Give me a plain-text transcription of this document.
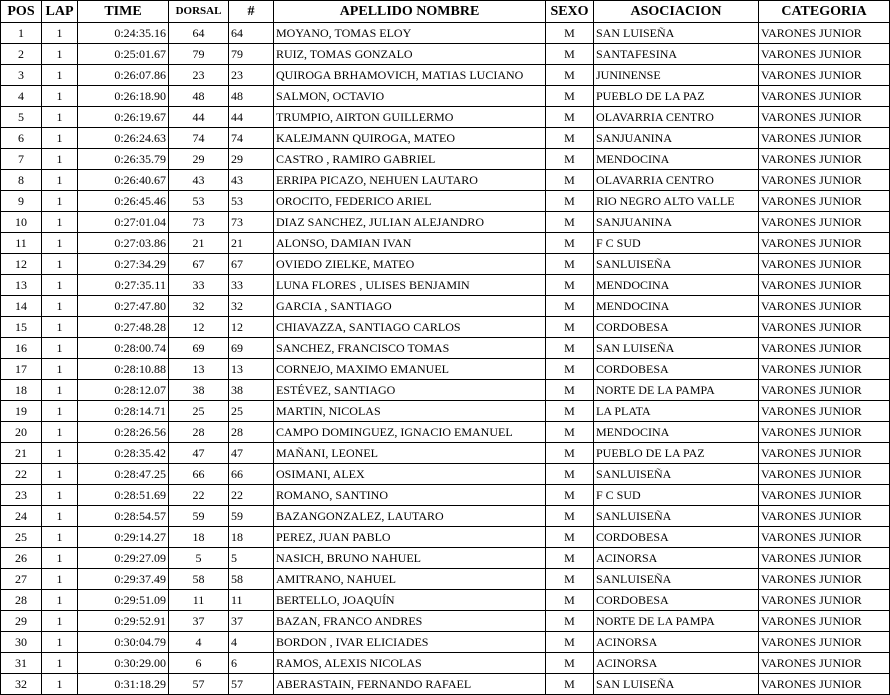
POS	LAP	TIME	DORSAL	#	APELLIDO NOMBRE	SEXO	ASOCIACION	CATEGORIA
1	1	0:24:35.16	64	64	MOYANO, TOMAS ELOY	M	SAN LUISEÑA	VARONES JUNIOR
2	1	0:25:01.67	79	79	RUIZ, TOMAS GONZALO	M	SANTAFESINA	VARONES JUNIOR
3	1	0:26:07.86	23	23	QUIROGA BRHAMOVICH, MATIAS LUCIANO	M	JUNINENSE	VARONES JUNIOR
4	1	0:26:18.90	48	48	SALMON, OCTAVIO	M	PUEBLO DE LA PAZ	VARONES JUNIOR
5	1	0:26:19.67	44	44	TRUMPIO, AIRTON GUILLERMO	M	OLAVARRIA CENTRO	VARONES JUNIOR
6	1	0:26:24.63	74	74	KALEJMANN QUIROGA, MATEO	M	SANJUANINA	VARONES JUNIOR
7	1	0:26:35.79	29	29	CASTRO , RAMIRO GABRIEL	M	MENDOCINA	VARONES JUNIOR
8	1	0:26:40.67	43	43	ERRIPA PICAZO, NEHUEN LAUTARO	M	OLAVARRIA CENTRO	VARONES JUNIOR
9	1	0:26:45.46	53	53	OROCITO, FEDERICO ARIEL	M	RIO NEGRO ALTO VALLE	VARONES JUNIOR
10	1	0:27:01.04	73	73	DIAZ SANCHEZ, JULIAN ALEJANDRO	M	SANJUANINA	VARONES JUNIOR
11	1	0:27:03.86	21	21	ALONSO, DAMIAN IVAN	M	F C SUD	VARONES JUNIOR
12	1	0:27:34.29	67	67	OVIEDO ZIELKE, MATEO	M	SANLUISEÑA	VARONES JUNIOR
13	1	0:27:35.11	33	33	LUNA FLORES , ULISES BENJAMIN	M	MENDOCINA	VARONES JUNIOR
14	1	0:27:47.80	32	32	GARCIA , SANTIAGO	M	MENDOCINA	VARONES JUNIOR
15	1	0:27:48.28	12	12	CHIAVAZZA, SANTIAGO CARLOS	M	CORDOBESA	VARONES JUNIOR
16	1	0:28:00.74	69	69	SANCHEZ, FRANCISCO TOMAS	M	SAN LUISEÑA	VARONES JUNIOR
17	1	0:28:10.88	13	13	CORNEJO, MAXIMO EMANUEL	M	CORDOBESA	VARONES JUNIOR
18	1	0:28:12.07	38	38	ESTÉVEZ, SANTIAGO	M	NORTE DE LA PAMPA	VARONES JUNIOR
19	1	0:28:14.71	25	25	MARTIN, NICOLAS	M	LA PLATA	VARONES JUNIOR
20	1	0:28:26.56	28	28	CAMPO DOMINGUEZ, IGNACIO EMANUEL	M	MENDOCINA	VARONES JUNIOR
21	1	0:28:35.42	47	47	MAÑANI, LEONEL	M	PUEBLO DE LA PAZ	VARONES JUNIOR
22	1	0:28:47.25	66	66	OSIMANI, ALEX	M	SANLUISEÑA	VARONES JUNIOR
23	1	0:28:51.69	22	22	ROMANO, SANTINO	M	F C SUD	VARONES JUNIOR
24	1	0:28:54.57	59	59	BAZANGONZALEZ, LAUTARO	M	SANLUISEÑA	VARONES JUNIOR
25	1	0:29:14.27	18	18	PEREZ, JUAN PABLO	M	CORDOBESA	VARONES JUNIOR
26	1	0:29:27.09	5	5	NASICH, BRUNO NAHUEL	M	ACINORSA	VARONES JUNIOR
27	1	0:29:37.49	58	58	AMITRANO, NAHUEL	M	SANLUISEÑA	VARONES JUNIOR
28	1	0:29:51.09	11	11	BERTELLO, JOAQUÍN	M	CORDOBESA	VARONES JUNIOR
29	1	0:29:52.91	37	37	BAZAN, FRANCO ANDRES	M	NORTE DE LA PAMPA	VARONES JUNIOR
30	1	0:30:04.79	4	4	BORDON , IVAR ELICIADES	M	ACINORSA	VARONES JUNIOR
31	1	0:30:29.00	6	6	RAMOS, ALEXIS NICOLAS	M	ACINORSA	VARONES JUNIOR
32	1	0:31:18.29	57	57	ABERASTAIN, FERNANDO RAFAEL	M	SAN LUISEÑA	VARONES JUNIOR
